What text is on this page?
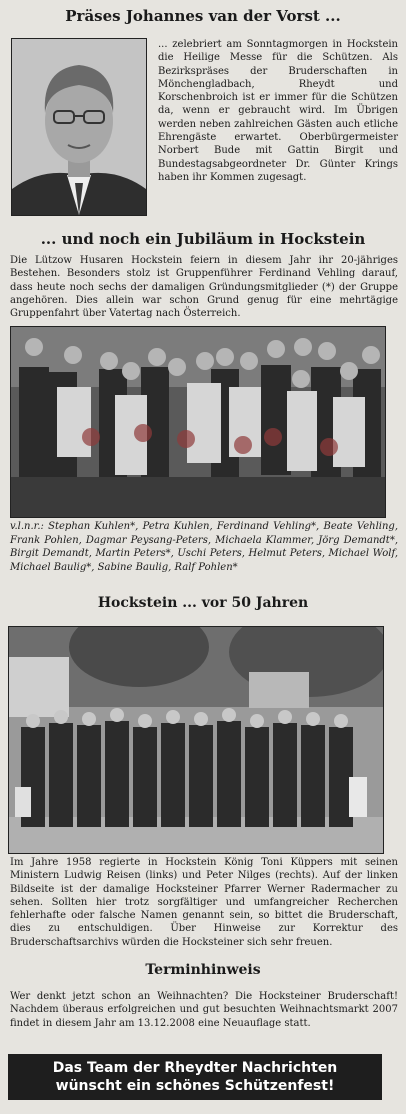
Präses Johannes van der Vorst ...

... zelebriert am Sonntagmorgen in Hockstein die Heilige Messe für die Schützen. Als Bezirkspräses der Bruderschaften in Mönchengladbach, Rheydt und Korschenbroich ist er immer für die Schützen da, wenn er gebraucht wird. Im Übrigen werden neben zahlreichen Gästen auch etliche Ehrengäste erwartet. Oberbürgermeister Norbert Bude mit Gattin Birgit und Bundestagsabgeordneter Dr. Günter Krings haben ihr Kommen zugesagt.

... und noch ein Jubiläum in Hockstein

Die Lützow Husaren Hockstein feiern in diesem Jahr ihr 20-jähriges Bestehen. Besonders stolz ist Gruppenführer Ferdinand Vehling darauf, dass heute noch sechs der damaligen Gründungsmitglieder (*) der Gruppe angehören. Dies allein war schon Grund genug für eine mehrtägige Gruppenfahrt über Vatertag nach Österreich.

v.l.n.r.: Stephan Kuhlen*, Petra Kuhlen, Ferdinand Vehling*, Beate Vehling, Frank Pohlen, Dagmar Peysang-Peters, Michaela Klammer, Jörg Demandt*, Birgit Demandt, Martin Peters*, Uschi Peters, Helmut Peters, Michael Wolf, Michael Baulig*, Sabine Baulig, Ralf Pohlen*

Hockstein ... vor 50 Jahren

Im Jahre 1958 regierte in Hockstein König Toni Küppers mit seinen Ministern Ludwig Reisen (links) und Peter Nilges (rechts). Auf der linken Bildseite ist der damalige Hocksteiner Pfarrer Werner Radermacher zu sehen. Sollten hier trotz sorgfältiger und umfangreicher Recherchen fehlerhafte oder falsche Namen genannt sein, so bittet die Bruderschaft, dies zu entschuldigen. Über Hinweise zur Korrektur des Bruderschaftsarchivs würden die Hocksteiner sich sehr freuen.

Terminhinweis

Wer denkt jetzt schon an Weihnachten? Die Hocksteiner Bruderschaft! Nachdem überaus erfolgreichen und gut besuchten Weihnachtsmarkt 2007 findet in diesem Jahr am 13.12.2008 eine Neuauflage statt.

Das Team der Rheydter Nachrichten
wünscht ein schönes Schützenfest!
